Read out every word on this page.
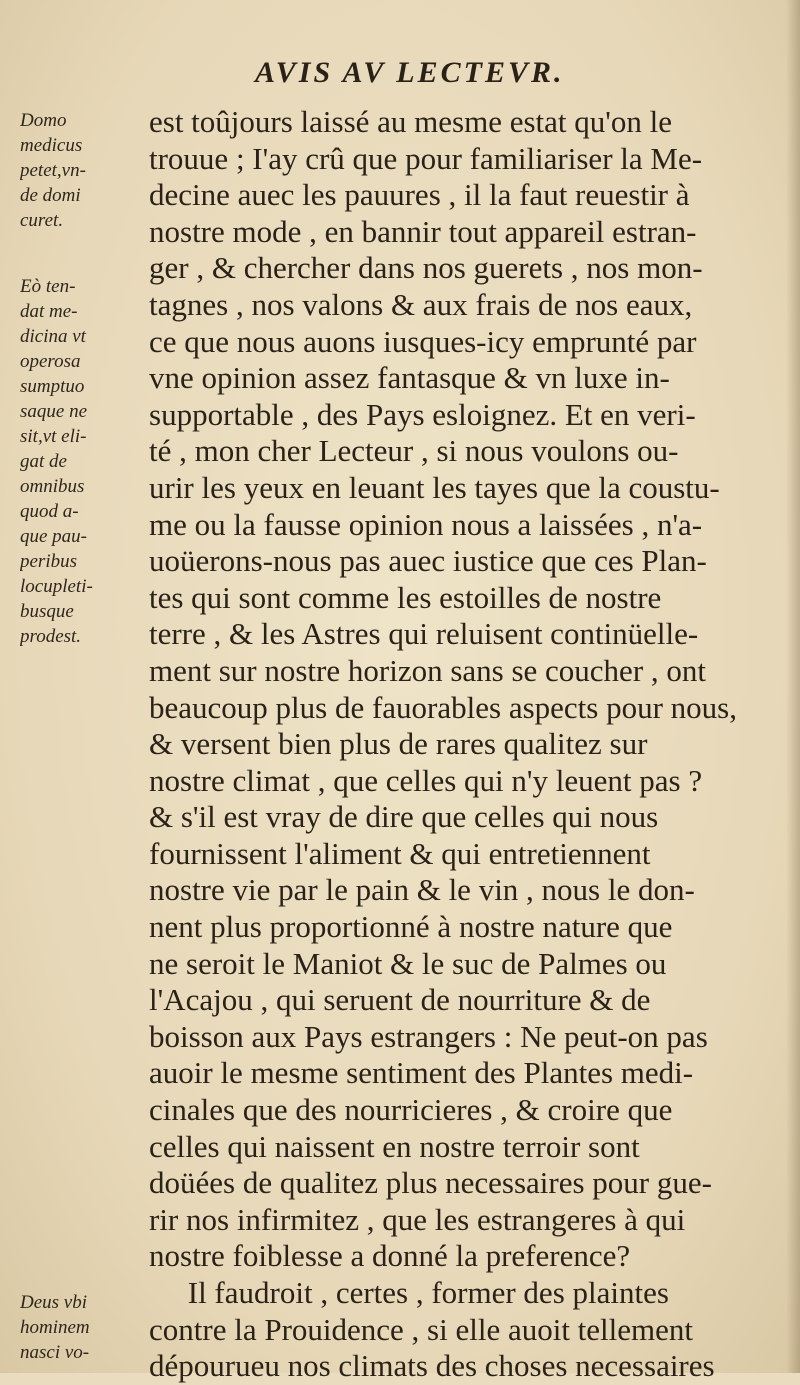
AVIS AV LECTEVR.
Domo
medicus
petet,vn-
de domi
curet.
Eò ten-
dat me-
dicina vt
operosa
sumptuo
saque ne
sit,vt eli-
gat de
omnibus
quod a-
que pau-
peribus
locupleti-
busque
prodest.
Deus vbi
hominem
nasci vo-
est toûjours laissé au mesme estat qu'on le
trouue ; I'ay crû que pour familiariser la Me-
decine auec les pauures , il la faut reuestir à
nostre mode , en bannir tout appareil estran-
ger , & chercher dans nos guerets , nos mon-
tagnes , nos valons & aux frais de nos eaux,
ce que nous auons iusques-icy emprunté par
vne opinion assez fantasque & vn luxe in-
supportable , des Pays esloignez. Et en veri-
té , mon cher Lecteur , si nous voulons ou-
urir les yeux en leuant les tayes que la coustu-
me ou la fausse opinion nous a laissées , n'a-
uoüerons-nous pas auec iustice que ces Plan-
tes qui sont comme les estoilles de nostre
terre , & les Astres qui reluisent continüelle-
ment sur nostre horizon sans se coucher , ont
beaucoup plus de fauorables aspects pour nous,
& versent bien plus de rares qualitez sur
nostre climat , que celles qui n'y leuent pas ?
& s'il est vray de dire que celles qui nous
fournissent l'aliment & qui entretiennent
nostre vie par le pain & le vin , nous le don-
nent plus proportionné à nostre nature que
ne seroit le Maniot & le suc de Palmes ou
l'Acajou , qui seruent de nourriture & de
boisson aux Pays estrangers : Ne peut-on pas
auoir le mesme sentiment des Plantes medi-
cinales que des nourricieres , & croire que
celles qui naissent en nostre terroir sont
doüées de qualitez plus necessaires pour gue-
rir nos infirmitez , que les estrangeres à qui
nostre foiblesse a donné la preference?
Il faudroit , certes , former des plaintes
contre la Prouidence , si elle auoit tellement
dépourueu nos climats des choses necessaires
